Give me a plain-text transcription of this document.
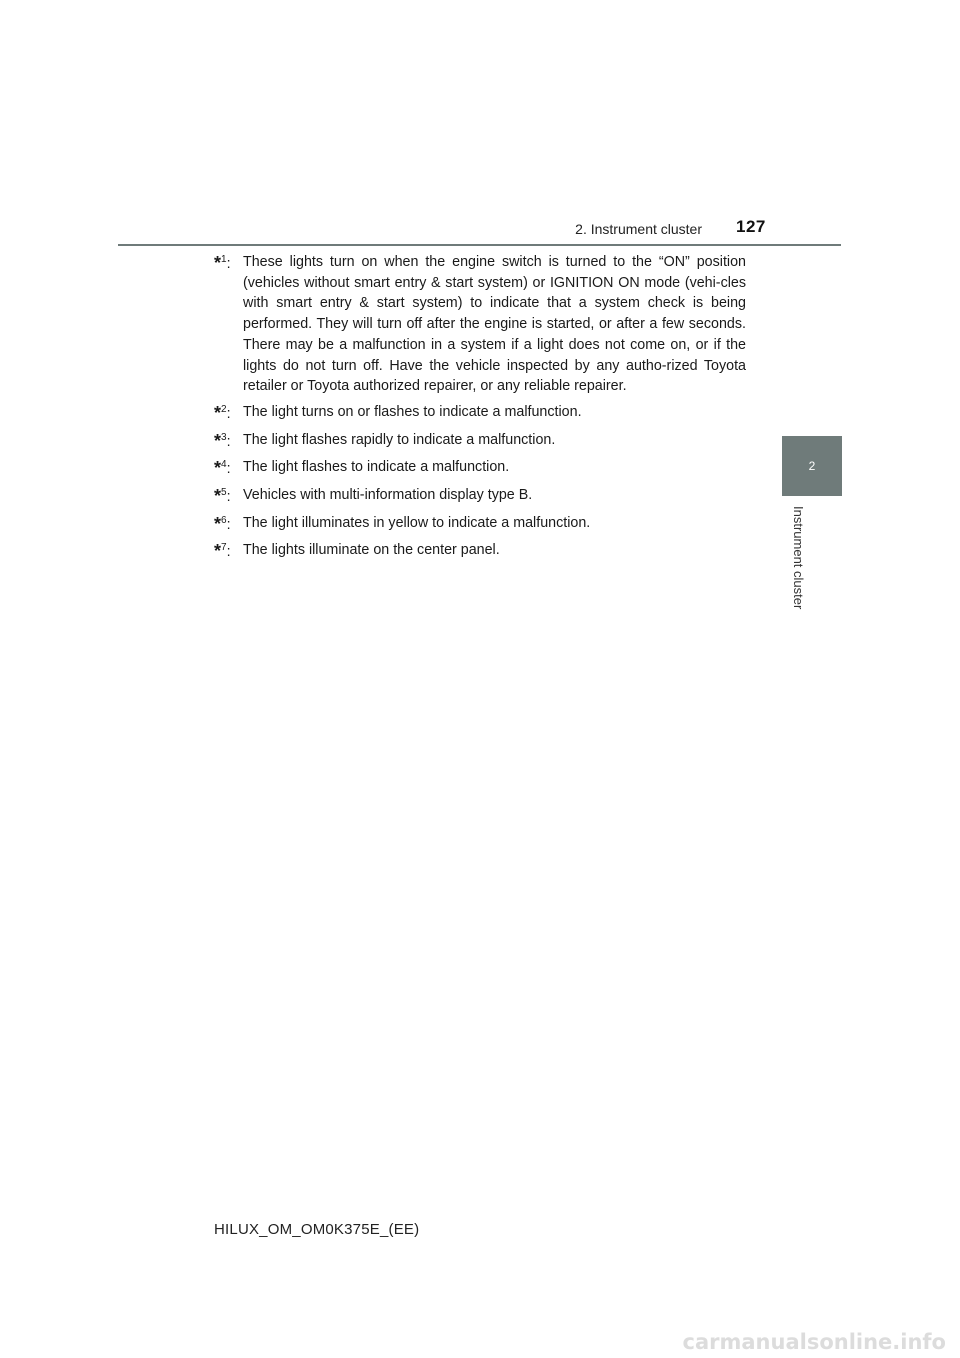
2. Instrument cluster 127
2
Instrument cluster
*$^1$: These lights turn on when the engine switch is turned to the “ON” position (vehicles without smart entry & start system) or IGNITION ON mode (vehi-cles with smart entry & start system) to indicate that a system check is being performed. They will turn off after the engine is started, or after a few seconds. There may be a malfunction in a system if a light does not come on, or if the lights do not turn off. Have the vehicle inspected by any autho-rized Toyota retailer or Toyota authorized repairer, or any reliable repairer.
*$^2$: The light turns on or flashes to indicate a malfunction.
*$^3$: The light flashes rapidly to indicate a malfunction.
*$^4$: The light flashes to indicate a malfunction.
*$^5$: Vehicles with multi-information display type B.
*$^6$: The light illuminates in yellow to indicate a malfunction.
*$^7$: The lights illuminate on the center panel.
HILUX_OM_OM0K375E_(EE)
carmanualsonline.info
